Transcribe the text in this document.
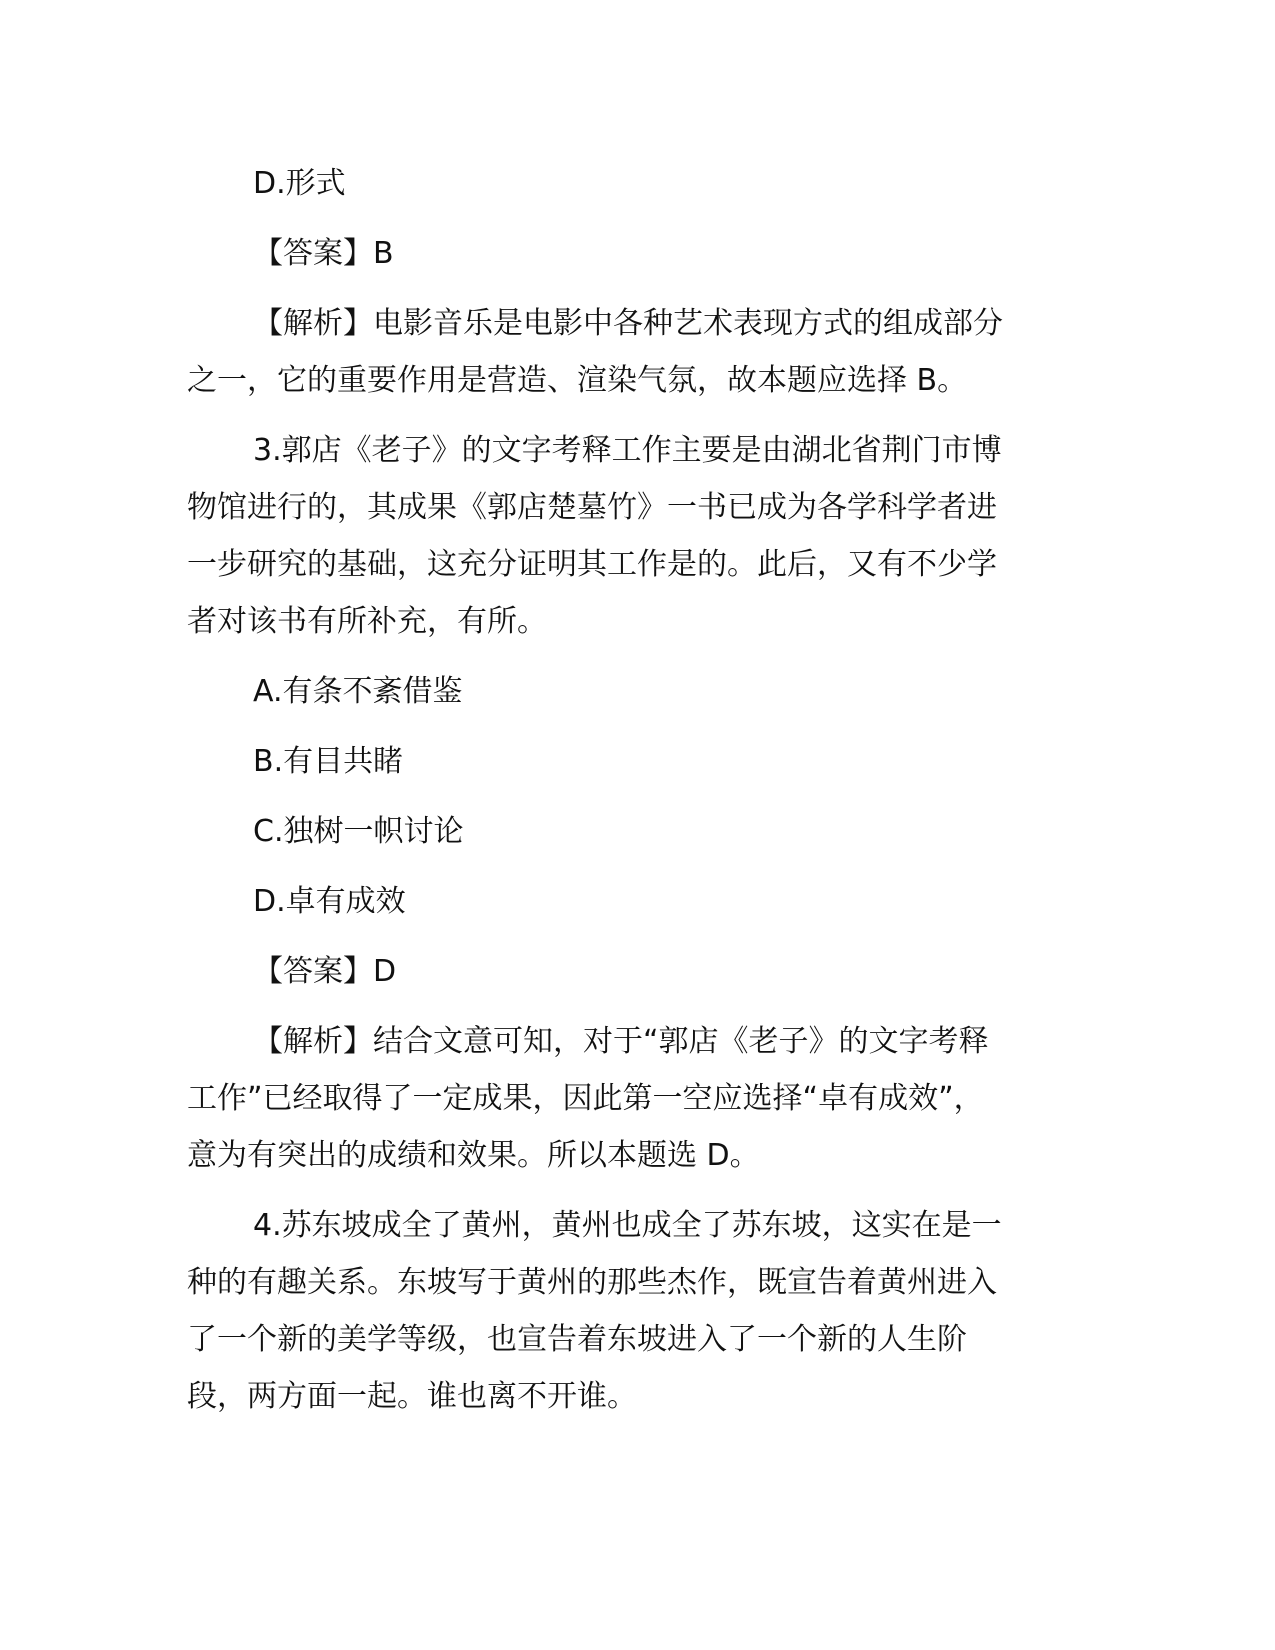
D.形式
【答案】B
【解析】电影音乐是电影中各种艺术表现方式的组成部分
之一，它的重要作用是营造、渲染气氛，故本题应选择 B。
3.郭店《老子》的文字考释工作主要是由湖北省荆门市博
物馆进行的，其成果《郭店楚墓竹》一书已成为各学科学者进
一步研究的基础，这充分证明其工作是的。此后，又有不少学
者对该书有所补充，有所。
A.有条不紊借鉴
B.有目共睹
C.独树一帜讨论
D.卓有成效
【答案】D
【解析】结合文意可知，对于“郭店《老子》的文字考释
工作”已经取得了一定成果，因此第一空应选择“卓有成效”，
意为有突出的成绩和效果。所以本题选 D。
4.苏东坡成全了黄州，黄州也成全了苏东坡，这实在是一
种的有趣关系。东坡写于黄州的那些杰作，既宣告着黄州进入
了一个新的美学等级，也宣告着东坡进入了一个新的人生阶
段，两方面一起。谁也离不开谁。
